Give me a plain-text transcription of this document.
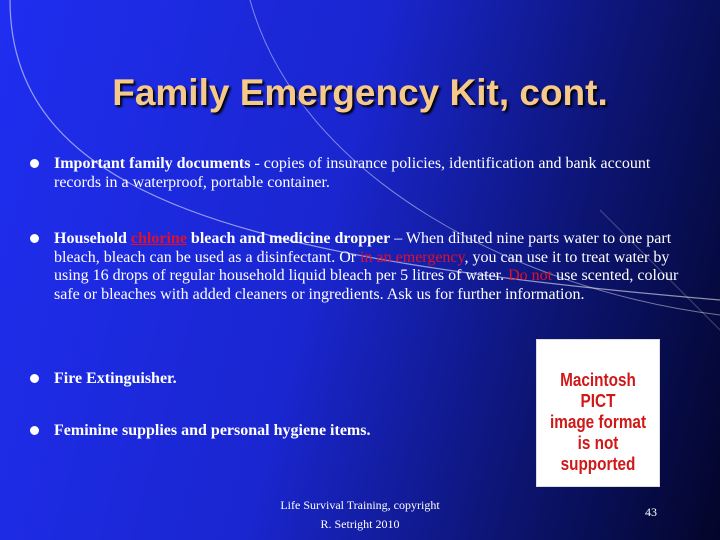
Family Emergency Kit, cont.
Important family documents - copies of insurance policies, identification and bank account records in a waterproof, portable container.
Household chlorine bleach and medicine dropper – When diluted nine parts water to one part bleach, bleach can be used as a disinfectant. Or in an emergency, you can use it to treat water by using 16 drops of regular household liquid bleach per 5 litres of water. Do not use scented, colour safe or bleaches with added cleaners or ingredients. Ask us for further information.
Fire Extinguisher.
Feminine supplies and personal hygiene items.
Macintosh PICT
image format
is not supported
Life Survival Training, copyright
R. Setright 2010
43
